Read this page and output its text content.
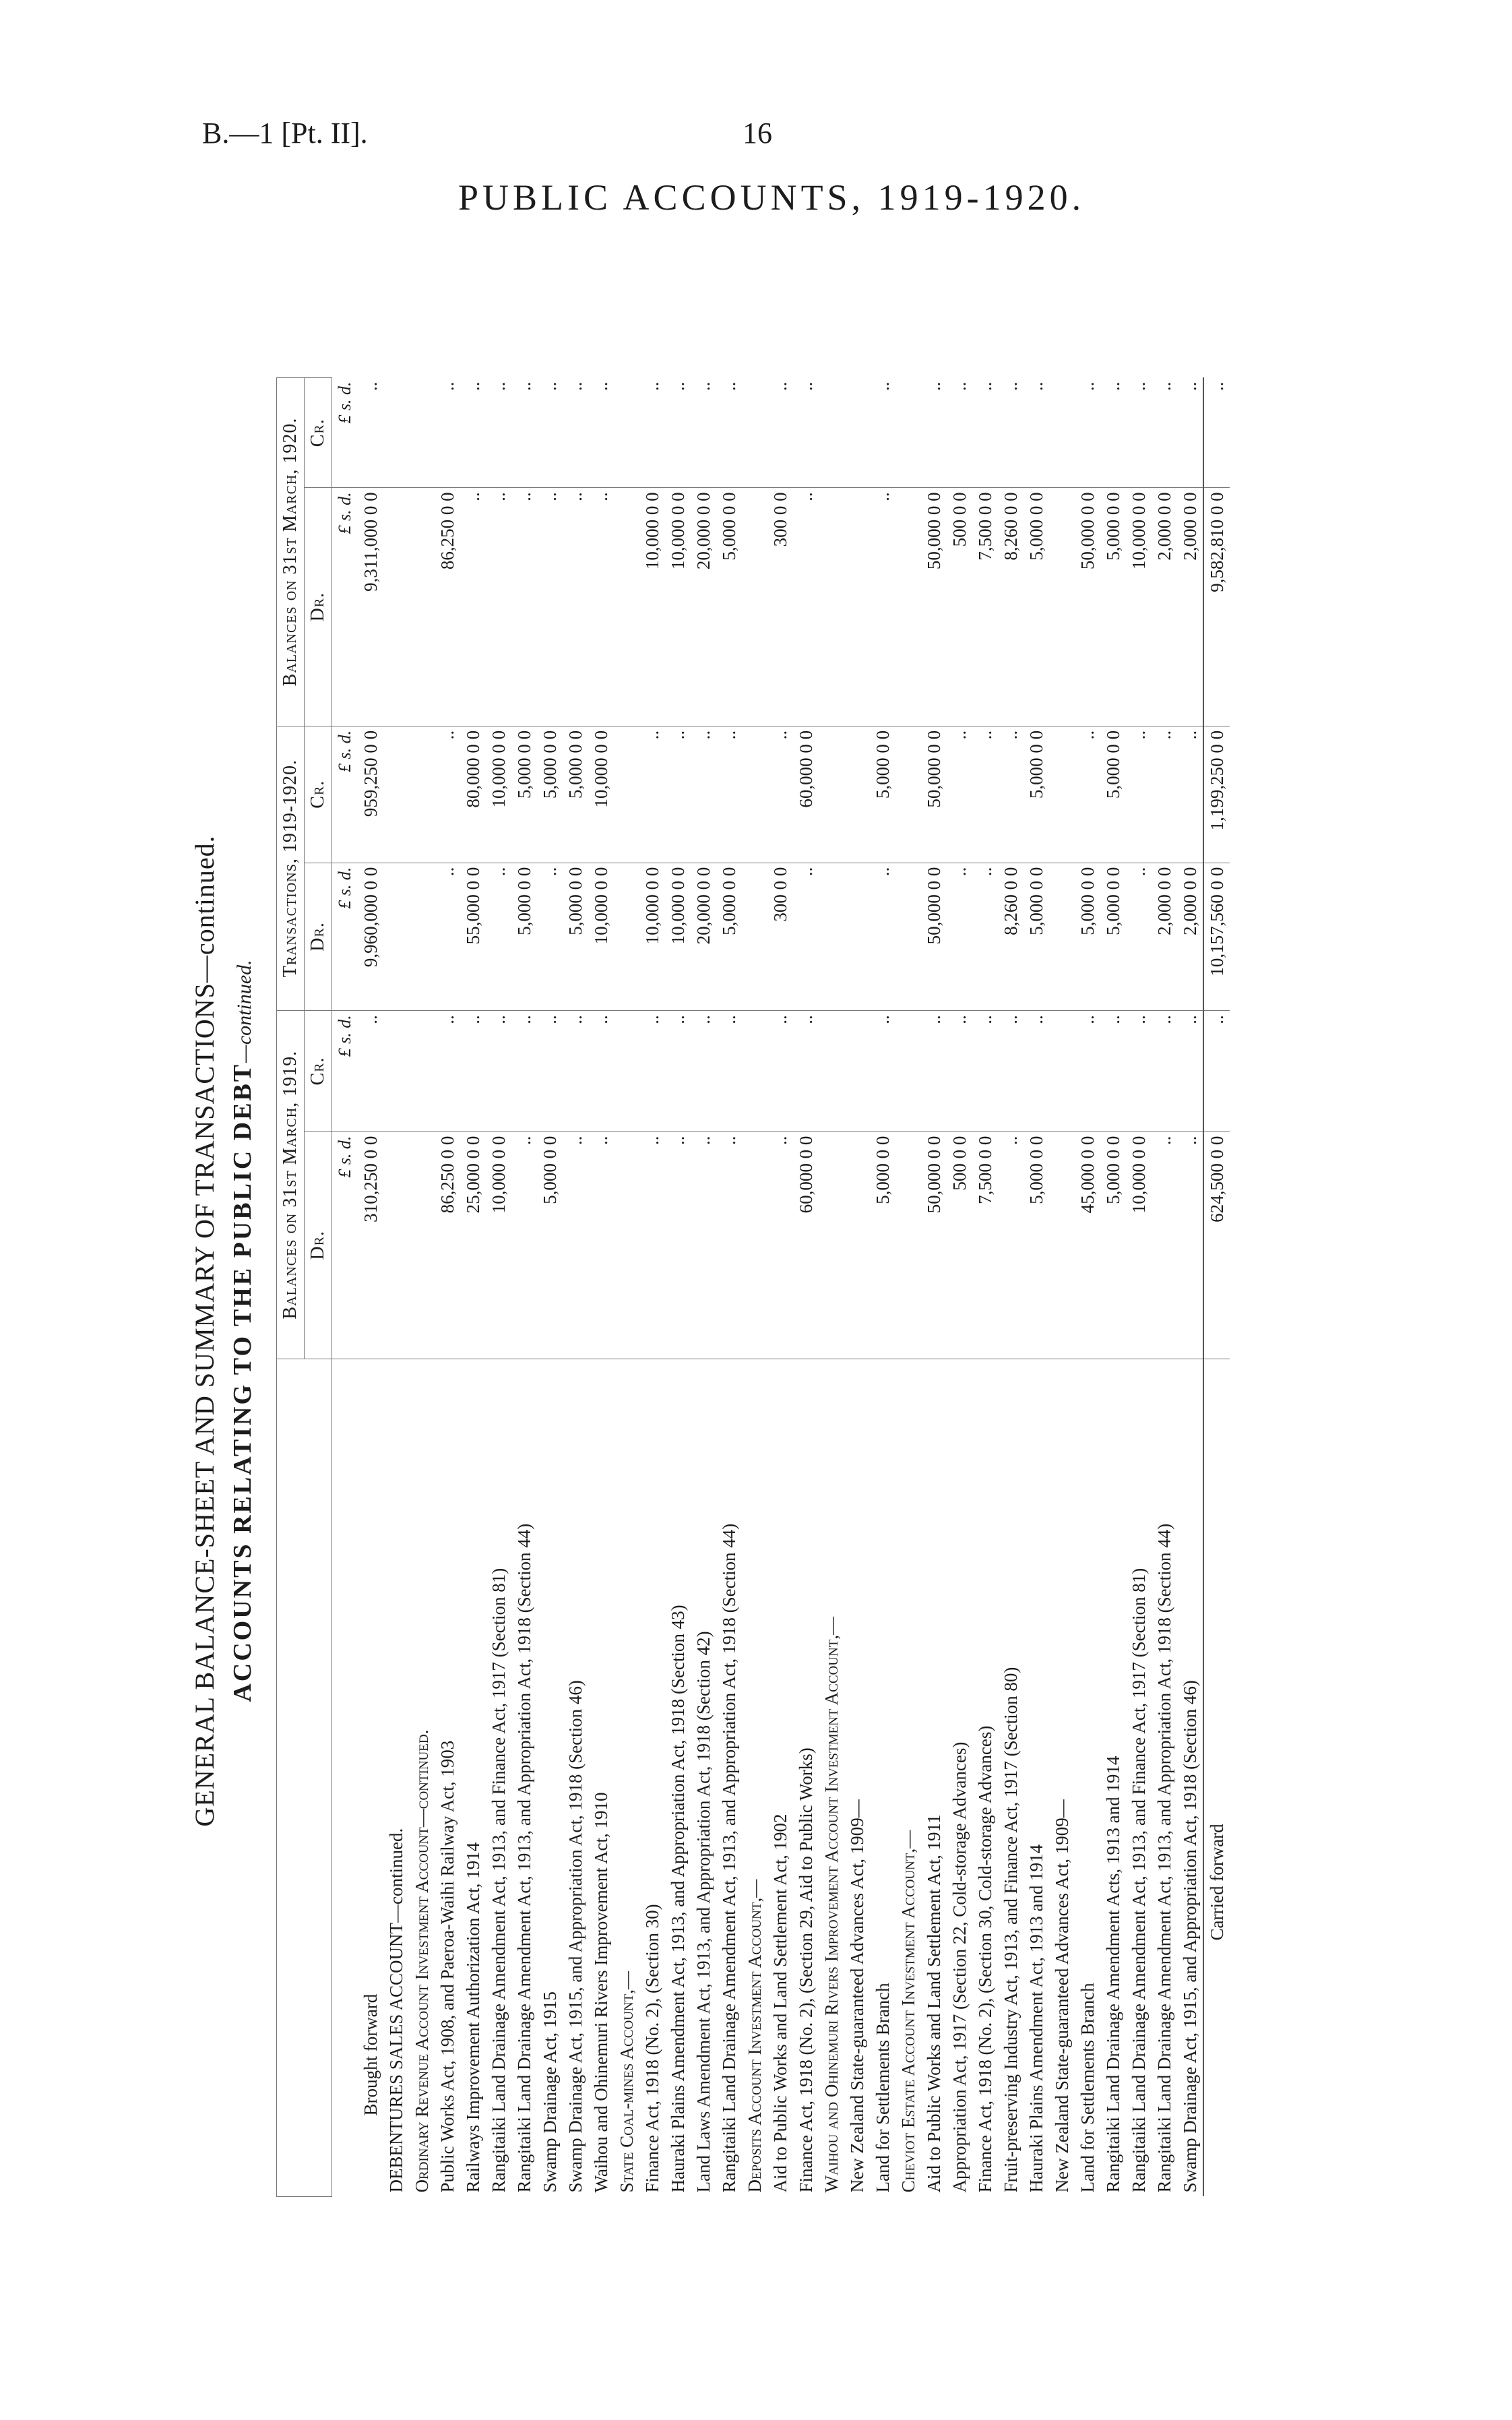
B.—1 [Pt. II].	16
PUBLIC ACCOUNTS, 1919-1920.
GENERAL BALANCE-SHEET AND SUMMARY OF TRANSACTIONS—continued. ACCOUNTS RELATING TO THE PUBLIC DEBT—continued.
	Balances on 31st March, 1919.		Transactions, 1919-1920.		Balances on 31st March, 1920.	
	Dr.	Cr.	Dr.	Cr.	Dr.	Cr.
	£ s. d.	£ s. d.	£ s. d.	£ s. d.	£ s. d.	£ s. d.
Brought forward	310,250 0 0	..	9,960,000 0 0	959,250 0 0	9,311,000 0 0	..
DEBENTURES SALES ACCOUNT—continued.						
Ordinary Revenue Account Investment Account—continued.						
Public Works Act, 1908, and Paeroa-Waihi Railway Act, 1903	86,250 0 0	..	..	..	86,250 0 0	..
Railways Improvement Authorization Act, 1914	25,000 0 0	..	55,000 0 0	80,000 0 0	..	..
Rangitaiki Land Drainage Amendment Act, 1913, and Finance Act, 1917 (Section 81)	10,000 0 0	..	..	10,000 0 0	..	..
Rangitaiki Land Drainage Amendment Act, 1913, and Appropriation Act, 1918 (Section 44)	..	..	5,000 0 0	5,000 0 0	..	..
Swamp Drainage Act, 1915	5,000 0 0	..	..	5,000 0 0	..	..
Swamp Drainage Act, 1915, and Appropriation Act, 1918 (Section 46)	..	..	5,000 0 0	5,000 0 0	..	..
Waihou and Ohinemuri Rivers Improvement Act, 1910	..	..	10,000 0 0	10,000 0 0	..	..
State Coal-mines Account,—						
Finance Act, 1918 (No. 2), (Section 30)	..	..	10,000 0 0	..	10,000 0 0	..
Hauraki Plains Amendment Act, 1913, and Appropriation Act, 1918 (Section 43)	..	..	10,000 0 0	..	10,000 0 0	..
Land Laws Amendment Act, 1913, and Appropriation Act, 1918 (Section 42)	..	..	20,000 0 0	..	20,000 0 0	..
Rangitaiki Land Drainage Amendment Act, 1913, and Appropriation Act, 1918 (Section 44)	..	..	5,000 0 0	..	5,000 0 0	..
Deposits Account Investment Account,—						
Aid to Public Works and Land Settlement Act, 1902	..	..	300 0 0	..	300 0 0	..
Finance Act, 1918 (No. 2), (Section 29, Aid to Public Works)	60,000 0 0	..	..	60,000 0 0	..	..
Waihou and Ohinemuri Rivers Improvement Account Investment Account,—						
New Zealand State-guaranteed Advances Act, 1909—						
Land for Settlements Branch	5,000 0 0	..	..	5,000 0 0	..	..
Cheviot Estate Account Investment Account,—						
Aid to Public Works and Land Settlement Act, 1911	50,000 0 0	..	50,000 0 0	50,000 0 0	50,000 0 0	..
Appropriation Act, 1917 (Section 22, Cold-storage Advances)	500 0 0	..	..	..	500 0 0	..
Finance Act, 1918 (No. 2), (Section 30, Cold-storage Advances)	7,500 0 0	..	..	..	7,500 0 0	..
Fruit-preserving Industry Act, 1913, and Finance Act, 1917 (Section 80)	..	..	8,260 0 0	..	8,260 0 0	..
Hauraki Plains Amendment Act, 1913 and 1914	5,000 0 0	..	5,000 0 0	5,000 0 0	5,000 0 0	..
New Zealand State-guaranteed Advances Act, 1909—						
Land for Settlements Branch	45,000 0 0	..	5,000 0 0	..	50,000 0 0	..
Rangitaiki Land Drainage Amendment Acts, 1913 and 1914	5,000 0 0	..	5,000 0 0	5,000 0 0	5,000 0 0	..
Rangitaiki Land Drainage Amendment Act, 1913, and Finance Act, 1917 (Section 81)	10,000 0 0	..	..	..	10,000 0 0	..
Rangitaiki Land Drainage Amendment Act, 1913, and Appropriation Act, 1918 (Section 44)	..	..	2,000 0 0	..	2,000 0 0	..
Swamp Drainage Act, 1915, and Appropriation Act, 1918 (Section 46)	..	..	2,000 0 0	..	2,000 0 0	..
Carried forward	624,500 0 0	..	10,157,560 0 0	1,199,250 0 0	9,582,810 0 0	..
